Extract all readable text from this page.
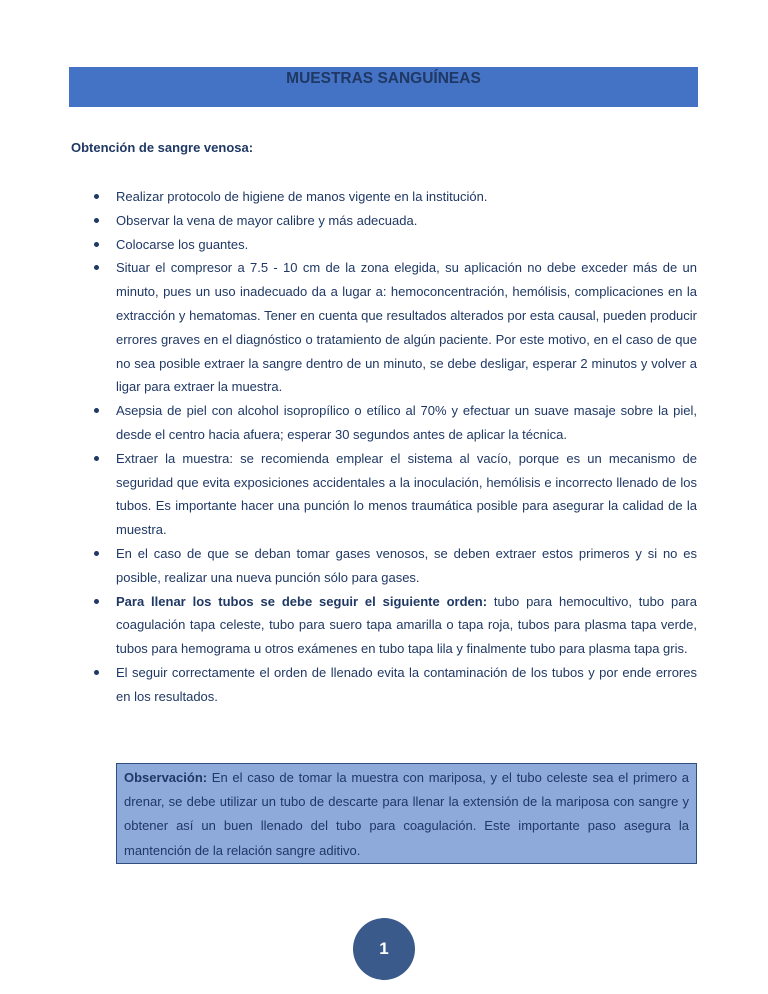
MUESTRAS SANGUÍNEAS
Obtención de sangre venosa:
Realizar protocolo de higiene de manos vigente en la institución.
Observar la vena de mayor calibre y más adecuada.
Colocarse los guantes.
Situar el compresor a 7.5 - 10 cm de la zona elegida, su aplicación no debe exceder más de un minuto, pues un uso inadecuado da a lugar a: hemoconcentración, hemólisis, complicaciones en la extracción y hematomas. Tener en cuenta que resultados alterados por esta causal, pueden producir errores graves en el diagnóstico o tratamiento de algún paciente. Por este motivo, en el caso de que no sea posible extraer la sangre dentro de un minuto, se debe desligar, esperar 2 minutos y volver a ligar para extraer la muestra.
Asepsia de piel con alcohol isopropílico o etílico al 70% y efectuar un suave masaje sobre la piel, desde el centro hacia afuera; esperar 30 segundos antes de aplicar la técnica.
Extraer la muestra: se recomienda emplear el sistema al vacío, porque es un mecanismo de seguridad que evita exposiciones accidentales a la inoculación, hemólisis e incorrecto llenado de los tubos. Es importante hacer una punción lo menos traumática posible para asegurar la calidad de la muestra.
En el caso de que se deban tomar gases venosos, se deben extraer estos primeros y si no es posible, realizar una nueva punción sólo para gases.
Para llenar los tubos se debe seguir el siguiente orden: tubo para hemocultivo, tubo para coagulación tapa celeste, tubo para suero tapa amarilla o tapa roja, tubos para plasma tapa verde, tubos para hemograma u otros exámenes en tubo tapa lila y finalmente tubo para plasma tapa gris.
El seguir correctamente el orden de llenado evita la contaminación de los tubos y por ende errores en los resultados.
Observación: En el caso de tomar la muestra con mariposa, y el tubo celeste sea el primero a drenar, se debe utilizar un tubo de descarte para llenar la extensión de la mariposa con sangre y obtener así un buen llenado del tubo para coagulación. Este importante paso asegura la mantención de la relación sangre aditivo.
1
